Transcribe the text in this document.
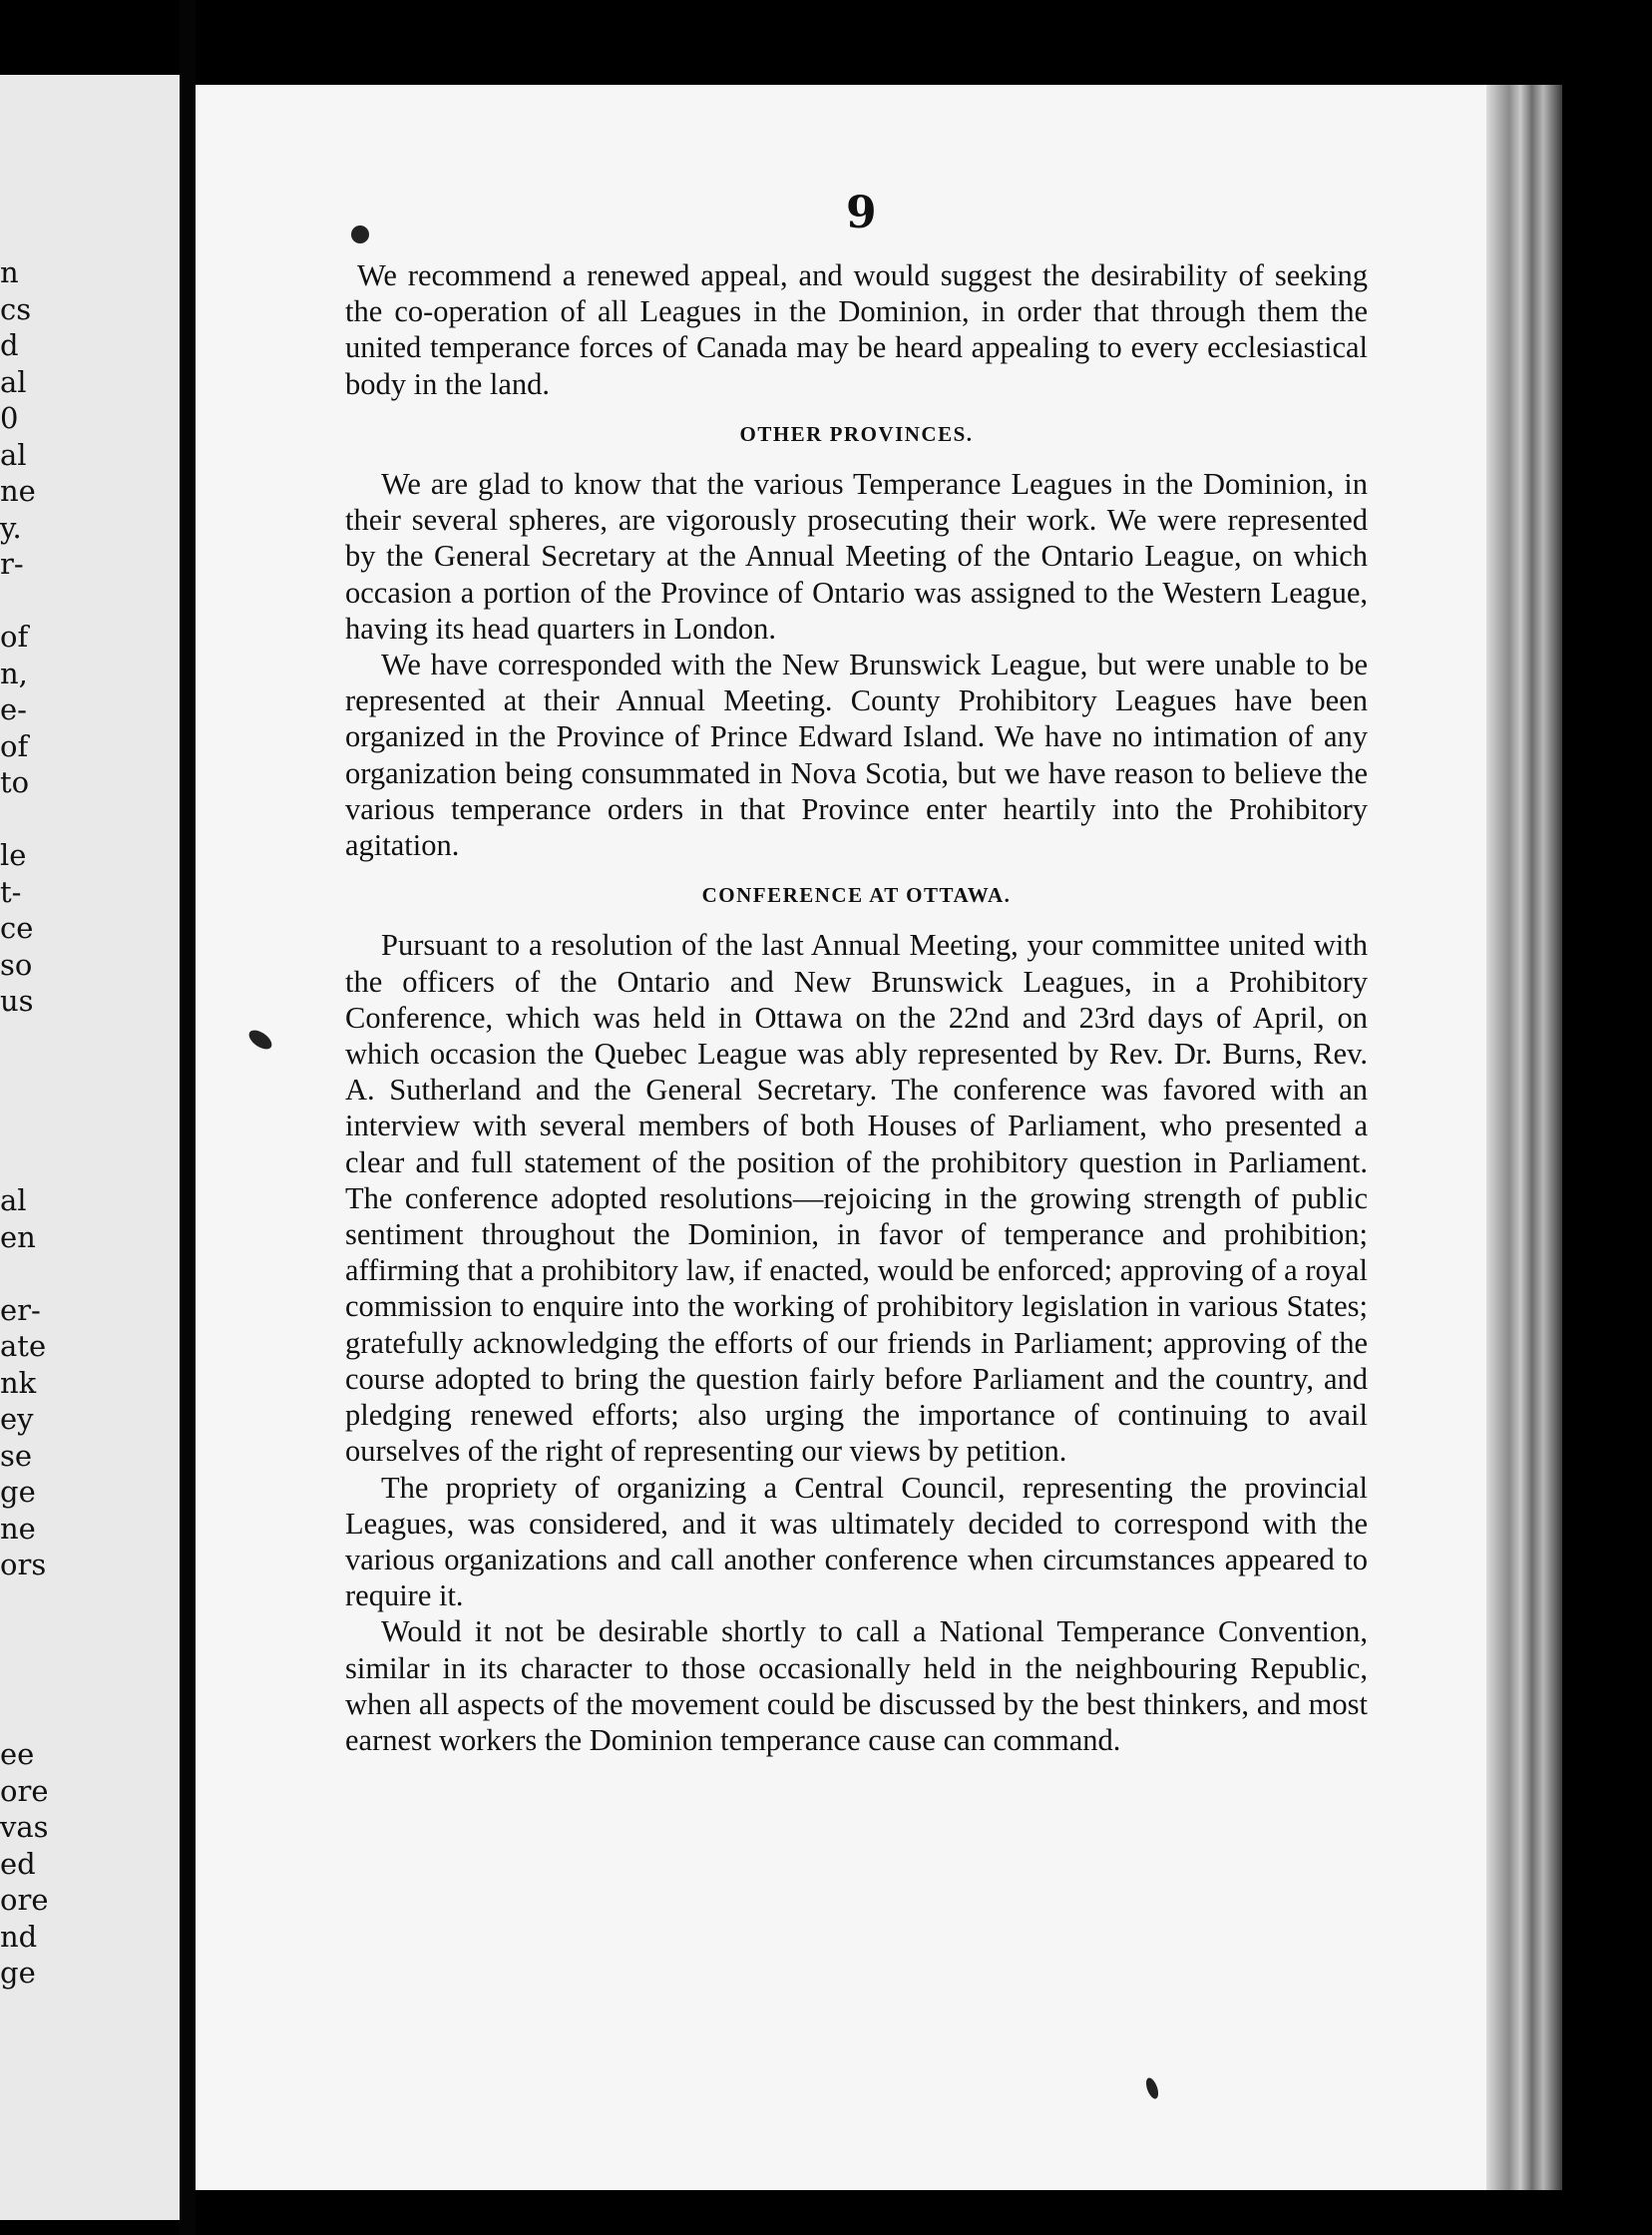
n
cs
d
al
0
al
ne
y.
r-

of
n,
e-
of
to

le
t-
ce
so
us
al
en

er-
ate
nk
ey
se
ge
ne
ors
ee
ore
vas
ed
ore
nd
ge
9

We recommend a renewed appeal, and would suggest the desirability of seeking the co-operation of all Leagues in the Dominion, in order that through them the united temperance forces of Canada may be heard appealing to every ecclesiastical body in the land.

OTHER PROVINCES.

We are glad to know that the various Temperance Leagues in the Dominion, in their several spheres, are vigorously prosecuting their work. We were represented by the General Secretary at the Annual Meeting of the Ontario League, on which occasion a portion of the Province of Ontario was assigned to the Western League, having its head quarters in London.

We have corresponded with the New Brunswick League, but were unable to be represented at their Annual Meeting. County Prohibitory Leagues have been organized in the Province of Prince Edward Island. We have no intimation of any organization being consummated in Nova Scotia, but we have reason to believe the various temperance orders in that Province enter heartily into the Prohibitory agitation.

CONFERENCE AT OTTAWA.

Pursuant to a resolution of the last Annual Meeting, your committee united with the officers of the Ontario and New Brunswick Leagues, in a Prohibitory Conference, which was held in Ottawa on the 22nd and 23rd days of April, on which occasion the Quebec League was ably represented by Rev. Dr. Burns, Rev. A. Sutherland and the General Secretary. The conference was favored with an interview with several members of both Houses of Parliament, who presented a clear and full statement of the position of the prohibitory question in Parliament. The conference adopted resolutions—rejoicing in the growing strength of public sentiment throughout the Dominion, in favor of temperance and prohibition; affirming that a prohibitory law, if enacted, would be enforced; approving of a royal commission to enquire into the working of prohibitory legislation in various States; gratefully acknowledging the efforts of our friends in Parliament; approving of the course adopted to bring the question fairly before Parliament and the country, and pledging renewed efforts; also urging the importance of continuing to avail ourselves of the right of representing our views by petition.

The propriety of organizing a Central Council, representing the provincial Leagues, was considered, and it was ultimately decided to correspond with the various organizations and call another conference when circumstances appeared to require it.

Would it not be desirable shortly to call a National Temperance Convention, similar in its character to those occasionally held in the neighbouring Republic, when all aspects of the movement could be discussed by the best thinkers, and most earnest workers the Dominion temperance cause can command.
